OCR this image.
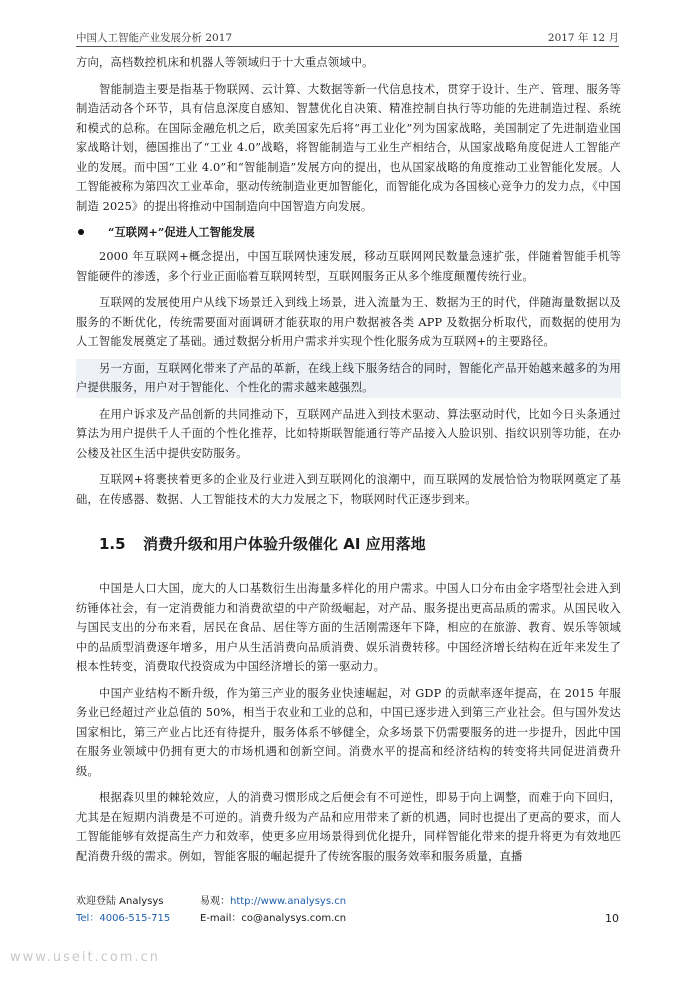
中国人工智能产业发展分析 2017	2017 年 12 月

方向，高档数控机床和机器人等领域归于十大重点领域中。

智能制造主要是指基于物联网、云计算、大数据等新一代信息技术，贯穿于设计、生产、管理、服务等制造活动各个环节，具有信息深度自感知、智慧优化自决策、精准控制自执行等功能的先进制造过程、系统和模式的总称。在国际金融危机之后，欧美国家先后将“再工业化”列为国家战略，美国制定了先进制造业国家战略计划，德国推出了“工业 4.0”战略，将智能制造与工业生产相结合，从国家战略角度促进人工智能产业的发展。而中国“工业 4.0”和“智能制造”发展方向的提出，也从国家战略的角度推动工业智能化发展。人工智能被称为第四次工业革命，驱动传统制造业更加智能化，而智能化成为各国核心竞争力的发力点，《中国制造 2025》的提出将推动中国制造向中国智造方向发展。

“互联网+”促进人工智能发展

2000 年互联网+概念提出，中国互联网快速发展，移动互联网网民数量急速扩张，伴随着智能手机等智能硬件的渗透，多个行业正面临着互联网转型，互联网服务正从多个维度颠覆传统行业。

互联网的发展使用户从线下场景迁入到线上场景，进入流量为王、数据为王的时代，伴随海量数据以及服务的不断优化，传统需要面对面调研才能获取的用户数据被各类 APP 及数据分析取代，而数据的使用为人工智能发展奠定了基础。通过数据分析用户需求并实现个性化服务成为互联网+的主要路径。

另一方面，互联网化带来了产品的革新，在线上线下服务结合的同时，智能化产品开始越来越多的为用户提供服务，用户对于智能化、个性化的需求越来越强烈。

在用户诉求及产品创新的共同推动下，互联网产品进入到技术驱动、算法驱动时代，比如今日头条通过算法为用户提供千人千面的个性化推荐，比如特斯联智能通行等产品接入人脸识别、指纹识别等功能，在办公楼及社区生活中提供安防服务。

互联网+将裹挟着更多的企业及行业进入到互联网化的浪潮中，而互联网的发展恰恰为物联网奠定了基础，在传感器、数据、人工智能技术的大力发展之下，物联网时代正逐步到来。

1.5 消费升级和用户体验升级催化 AI 应用落地

中国是人口大国，庞大的人口基数衍生出海量多样化的用户需求。中国人口分布由金字塔型社会进入到纺锤体社会，有一定消费能力和消费欲望的中产阶级崛起，对产品、服务提出更高品质的需求。从国民收入与国民支出的分布来看，居民在食品、居住等方面的生活刚需逐年下降，相应的在旅游、教育、娱乐等领域中的品质型消费逐年增多，用户从生活消费向品质消费、娱乐消费转移。中国经济增长结构在近年来发生了根本性转变，消费取代投资成为中国经济增长的第一驱动力。

中国产业结构不断升级，作为第三产业的服务业快速崛起，对 GDP 的贡献率逐年提高，在 2015 年服务业已经超过产业总值的 50%，相当于农业和工业的总和，中国已逐步进入到第三产业社会。但与国外发达国家相比，第三产业占比还有待提升，服务体系不够健全，众多场景下仍需要服务的进一步提升，因此中国在服务业领域中仍拥有更大的市场机遇和创新空间。消费水平的提高和经济结构的转变将共同促进消费升级。

根据森贝里的棘轮效应，人的消费习惯形成之后便会有不可逆性，即易于向上调整，而难于向下回归，尤其是在短期内消费是不可逆的。消费升级为产品和应用带来了新的机遇，同时也提出了更高的要求，而人工智能能够有效提高生产力和效率，使更多应用场景得到优化提升，同样智能化带来的提升将更为有效地匹配消费升级的需求。例如，智能客服的崛起提升了传统客服的服务效率和服务质量，直播

欢迎登陆 Analysys	易观：http://www.analysys.cn
Tel：4006-515-715	E-mail：co@analysys.com.cn	10
www.useit.com.cn
